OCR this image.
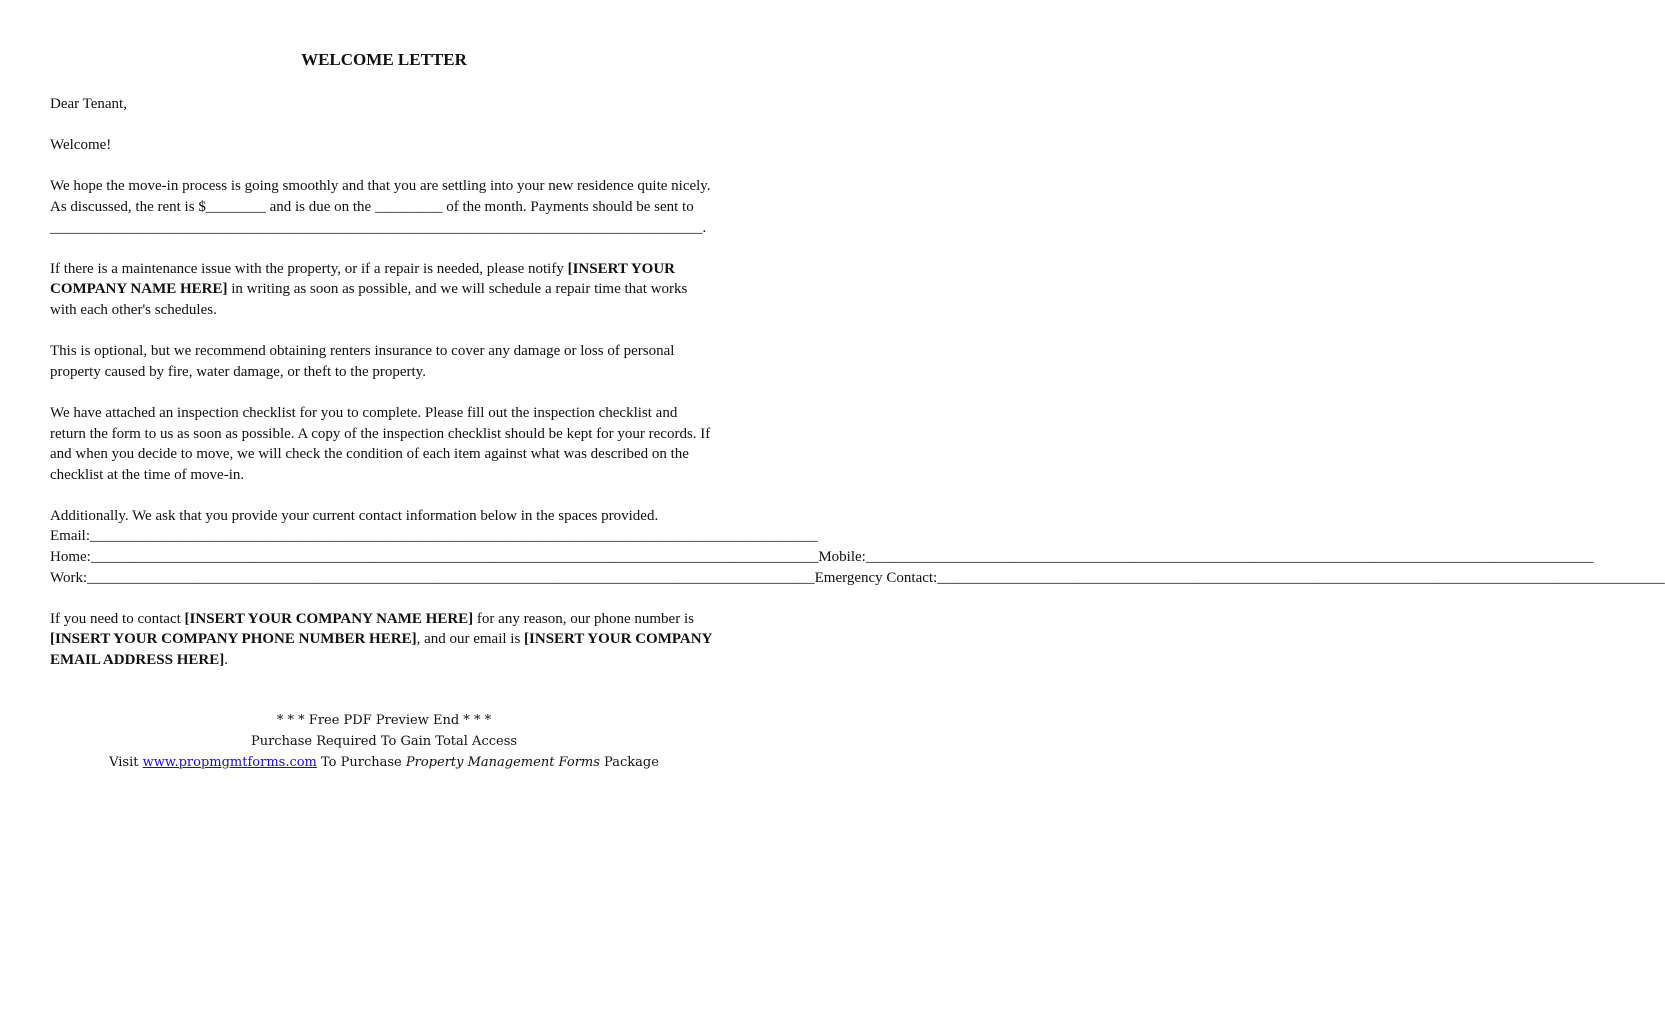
WELCOME LETTER

Dear Tenant,

Welcome!

We hope the move-in process is going smoothly and that you are settling into your new residence quite nicely.
As discussed, the rent is $________ and is due on the _________ of the month. Payments should be sent to
_______________________________________________________________________________________.

If there is a maintenance issue with the property, or if a repair is needed, please notify [INSERT YOUR COMPANY NAME HERE] in writing as soon as possible, and we will schedule a repair time that works with each other's schedules.

This is optional, but we recommend obtaining renters insurance to cover any damage or loss of personal property caused by fire, water damage, or theft to the property.

We have attached an inspection checklist for you to complete. Please fill out the inspection checklist and return the form to us as soon as possible. A copy of the inspection checklist should be kept for your records. If and when you decide to move, we will check the condition of each item against what was described on the checklist at the time of move-in.

Additionally. We ask that you provide your current contact information below in the spaces provided.
Email: _________________________________________________________________________________________________
Home: _________________________________________________________________________________________________ Mobile: _________________________________________________________________________________________________
Work: _________________________________________________________________________________________________ Emergency Contact: _________________________________________________________________________________________________

If you need to contact [INSERT YOUR COMPANY NAME HERE] for any reason, our phone number is [INSERT YOUR COMPANY PHONE NUMBER HERE], and our email is [INSERT YOUR COMPANY EMAIL ADDRESS HERE].

* * * Free PDF Preview End * * *
Purchase Required To Gain Total Access
Visit www.propmgmtforms.com To Purchase Property Management Forms Package
